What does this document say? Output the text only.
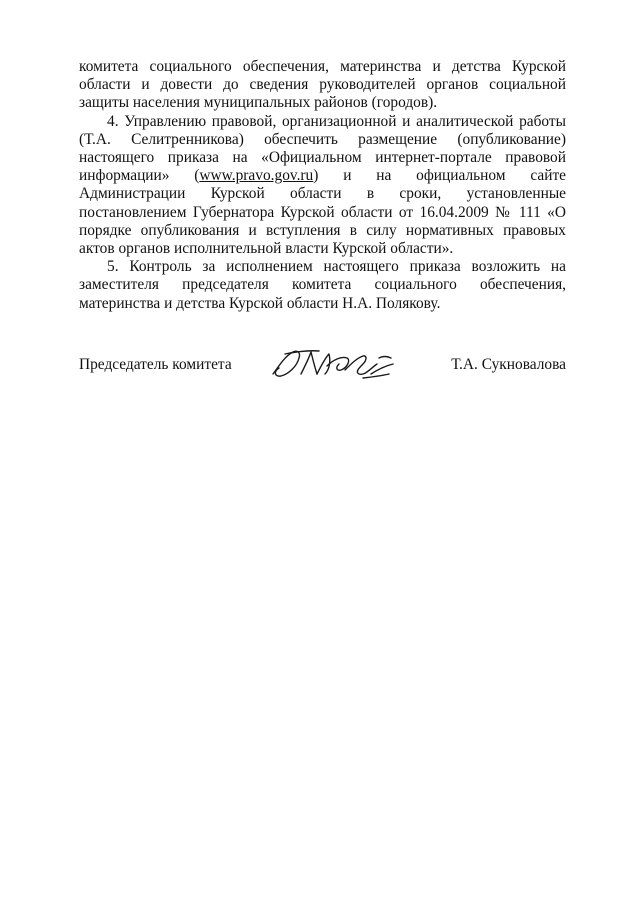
комитета социального обеспечения, материнства и детства Курской области и довести до сведения руководителей органов социальной защиты населения муниципальных районов (городов).

4. Управлению правовой, организационной и аналитической работы (Т.А. Селитренникова) обеспечить размещение (опубликование) настоящего приказа на «Официальном интернет-портале правовой информации» (www.pravo.gov.ru) и на официальном сайте Администрации Курской области в сроки, установленные постановлением Губернатора Курской области от 16.04.2009 № 111 «О порядке опубликования и вступления в силу нормативных правовых актов органов исполнительной власти Курской области».

5. Контроль за исполнением настоящего приказа возложить на заместителя председателя комитета социального обеспечения, материнства и детства Курской области Н.А. Полякову.

Председатель комитета	Т.А. Сукновалова
